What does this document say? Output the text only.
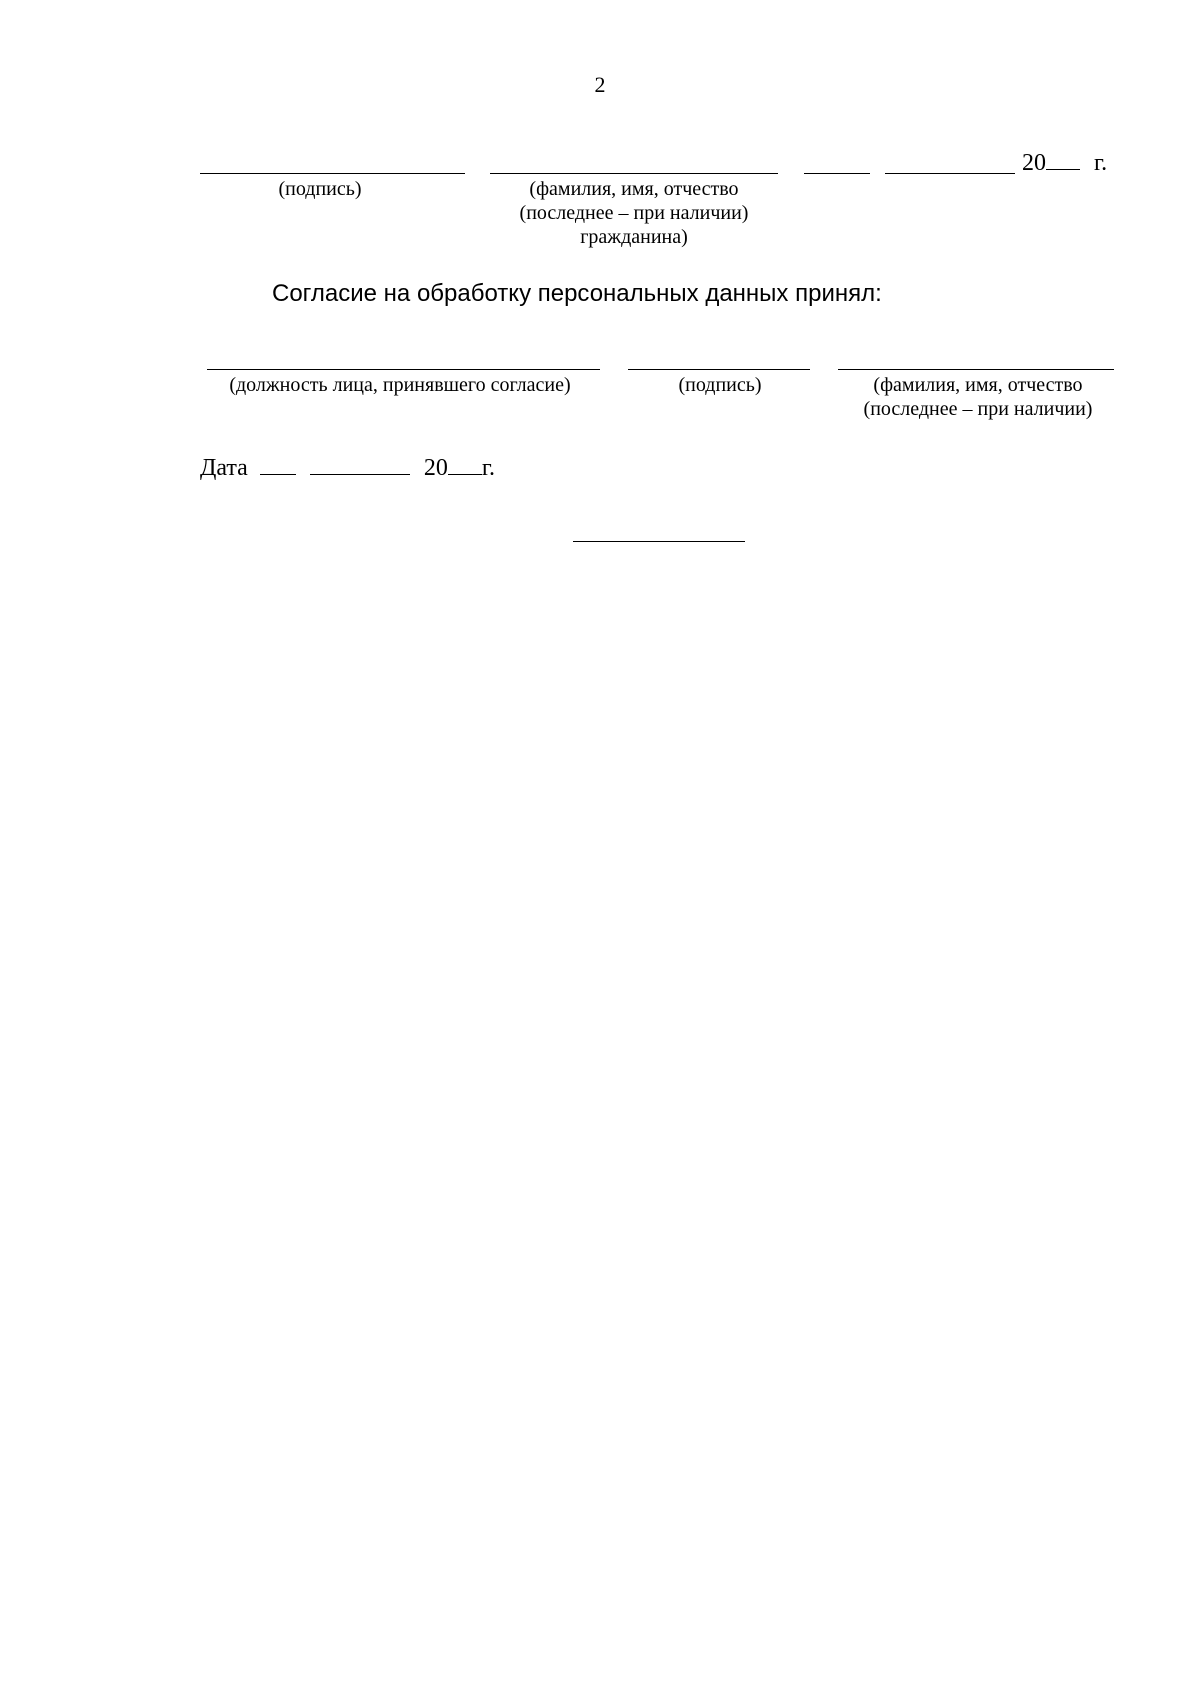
2
20 г.
(подпись)	(фамилия, имя, отчество
(последнее – при наличии)
гражданина)
Согласие на обработку персональных данных принял:
(должность лица, принявшего согласие)	(подпись)	(фамилия, имя, отчество
(последнее – при наличии)
Дата	20 г.
